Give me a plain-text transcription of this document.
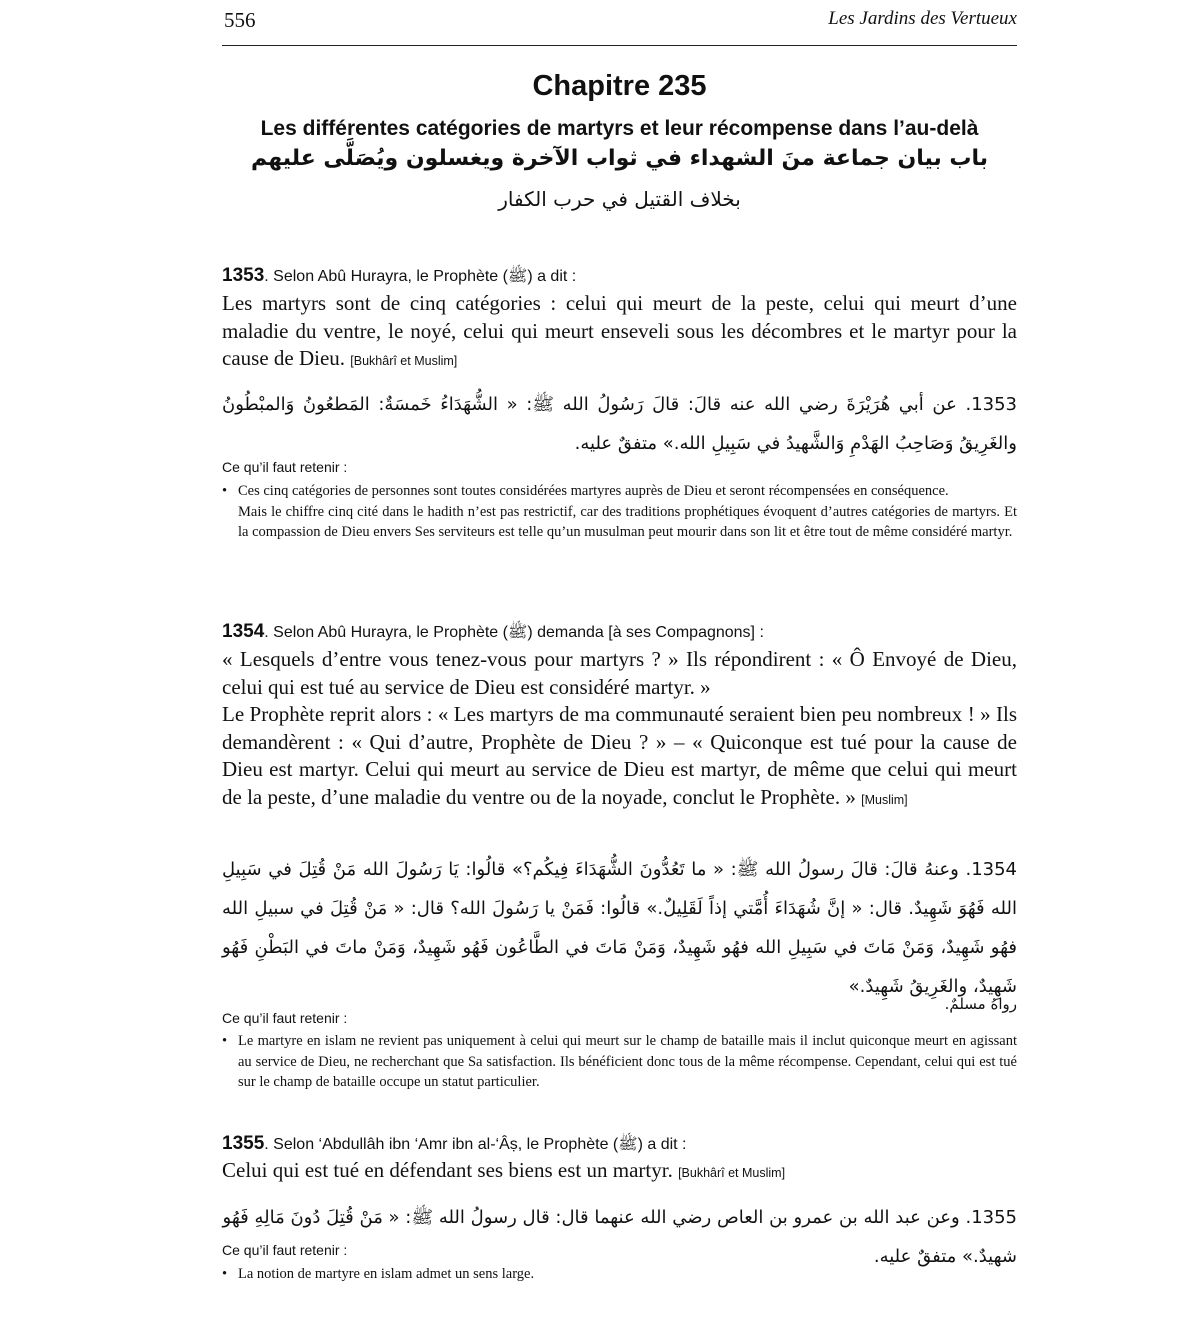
556	Les Jardins des Vertueux
Chapitre 235
Les différentes catégories de martyrs et leur récompense dans l’au-delà
باب بيان جماعة منَ الشهداء في ثواب الآخرة ويغسلون ويُصَلَّى عليهم
بخلاف القتيل في حرب الكفار
1353. Selon Abû Hurayra, le Prophète (ﷺ) a dit :
Les martyrs sont de cinq catégories : celui qui meurt de la peste, celui qui meurt d’une maladie du ventre, le noyé, celui qui meurt enseveli sous les décombres et le martyr pour la cause de Dieu. [Bukhârî et Muslim]
1353. عن أبي هُرَيْرَةَ رضي الله عنه قالَ: قالَ رَسُولُ الله ﷺ: « الشُّهَدَاءُ خَمسَةٌ: المَطعُونُ وَالمبْطُونُ والغَرِيقُ وَصَاحِبُ الهَدْمِ وَالشَّهيدُ في سَبِيلِ الله.» متفقٌ عليه.
Ce qu’il faut retenir :
• Ces cinq catégories de personnes sont toutes considérées martyres auprès de Dieu et seront récompensées en conséquence.
Mais le chiffre cinq cité dans le hadith n’est pas restrictif, car des traditions prophétiques évoquent d’autres catégories de martyrs. Et la compassion de Dieu envers Ses serviteurs est telle qu’un musulman peut mourir dans son lit et être tout de même considéré martyr.
1354. Selon Abû Hurayra, le Prophète (ﷺ) demanda [à ses Compagnons] :
« Lesquels d’entre vous tenez-vous pour martyrs ? » Ils répondirent : « Ô Envoyé de Dieu, celui qui est tué au service de Dieu est considéré martyr. »
Le Prophète reprit alors : « Les martyrs de ma communauté seraient bien peu nombreux ! » Ils demandèrent : « Qui d’autre, Prophète de Dieu ? » – « Quiconque est tué pour la cause de Dieu est martyr. Celui qui meurt au service de Dieu est martyr, de même que celui qui meurt de la peste, d’une maladie du ventre ou de la noyade, conclut le Prophète. » [Muslim]
1354. وعنهُ قالَ: قالَ رسولُ الله ﷺ: « ما تَعُدُّونَ الشُّهَدَاءَ فِيكُم؟» قالُوا: يَا رَسُولَ الله مَنْ قُتِلَ في سَبِيلِ الله فَهُوَ شَهِيدٌ. قال: « إنَّ شُهَدَاءَ أُمَّتي إذاً لَقَلِيلٌ.» قالُوا: فَمَنْ يا رَسُولَ الله؟ قال: « مَنْ قُتِلَ في سبيلِ الله فهُو شَهِيدٌ، وَمَنْ مَاتَ في سَبِيلِ الله فهُو شَهِيدٌ، وَمَنْ مَاتَ في الطَّاعُون فَهُو شَهِيدٌ، وَمَنْ ماتَ في البَطْنِ فَهُو شَهِيدٌ، والغَرِيقُ شَهِيدٌ.»
رواهُ مسلمٌ.
Ce qu’il faut retenir :
• Le martyre en islam ne revient pas uniquement à celui qui meurt sur le champ de bataille mais il inclut quiconque meurt en agissant au service de Dieu, ne recherchant que Sa satisfaction. Ils bénéficient donc tous de la même récompense. Cependant, celui qui est tué sur le champ de bataille occupe un statut particulier.
1355. Selon ‘Abdullâh ibn ‘Amr ibn al-‘Âṣ, le Prophète (ﷺ) a dit :
Celui qui est tué en défendant ses biens est un martyr. [Bukhârî et Muslim]
1355. وعن عبد الله بن عمرو بن العاص رضي الله عنهما قال: قال رسولُ الله ﷺ: « مَنْ قُتِلَ دُونَ مَالِهِ فَهُو شهيدٌ.» متفقٌ عليه.
Ce qu’il faut retenir :
• La notion de martyre en islam admet un sens large.
